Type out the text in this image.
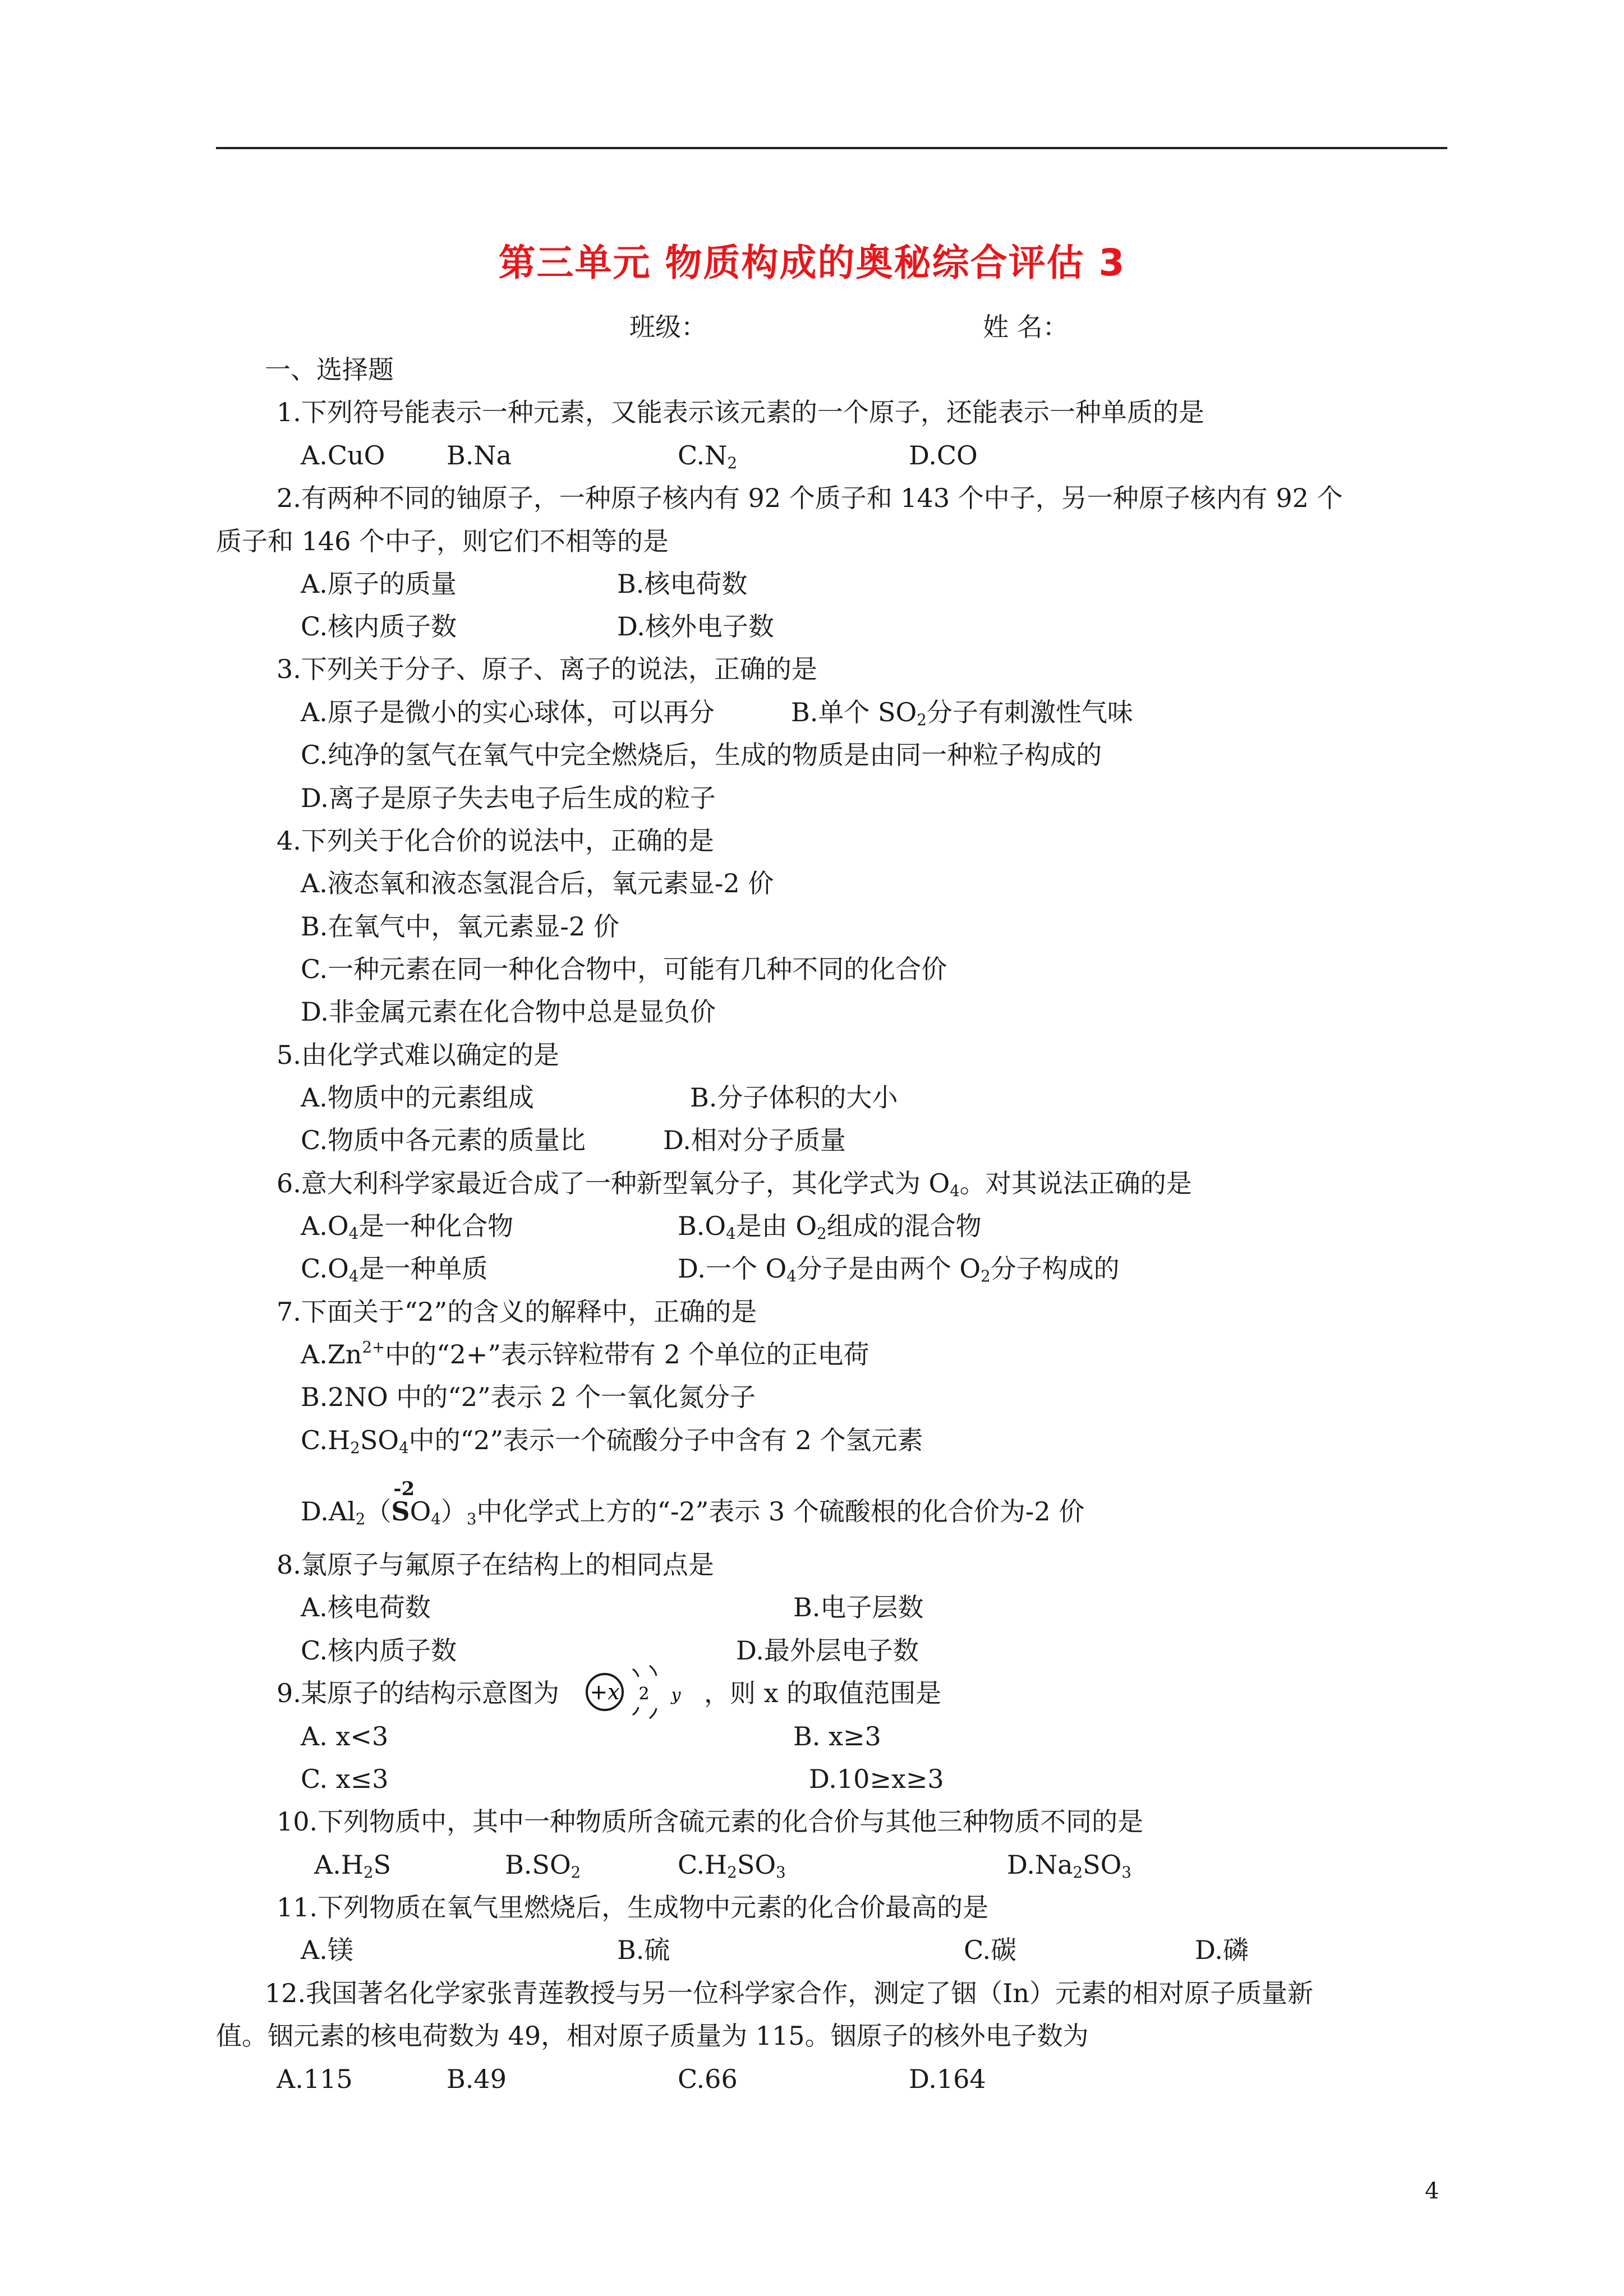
第三单元 物质构成的奥秘综合评估 3
班级：	姓 名：
一、选择题
1.下列符号能表示一种元素，又能表示该元素的一个原子，还能表示一种单质的是
A.CuO B.Na	$C.N_2$	D.CO
2.有两种不同的铀原子，一种原子核内有 92 个质子和 143 个中子，另一种原子核内有 92 个
质子和 146 个中子，则它们不相等的是
A.原子的质量	B.核电荷数
C.核内质子数	D.核外电子数
3.下列关于分子、原子、离子的说法，正确的是
A.原子是微小的实心球体，可以再分	B.单个 $SO_2$分子有刺激性气味
C.纯净的氢气在氧气中完全燃烧后，生成的物质是由同一种粒子构成的
D.离子是原子失去电子后生成的粒子
4.下列关于化合价的说法中，正确的是
A.液态氧和液态氢混合后，氧元素显-2 价
B.在氧气中，氧元素显-2 价
C.一种元素在同一种化合物中，可能有几种不同的化合价
D.非金属元素在化合物中总是显负价
5.由化学式难以确定的是
A.物质中的元素组成	B.分子体积的大小
C.物质中各元素的质量比	D.相对分子质量
6.意大利科学家最近合成了一种新型氧分子，其化学式为 $O_4$。对其说法正确的是
$A.O_4$是一种化合物	$B.O_4$是由 $O_2$组成的混合物
$C.O_4$是一种单质	D.一个 $O_4$分子是由两个 $O_2$分子构成的
7.下面关于“2”的含义的解释中，正确的是
$A.Zn^{2+}$中的“2+”表示锌粒带有 2 个单位的正电荷
B.2NO 中的“2”表示 2 个一氧化氮分子
$C.H_2SO_4$中的“2”表示一个硫酸分子中含有 2 个氢元素
$D.Al_2$（
-2
$SO_4)_3$中化学式上方的“-2”表示 3 个硫酸根的化合价为-2 价
8.氯原子与氟原子在结构上的相同点是
A.核电荷数	B.电子层数
C.核内质子数	D.最外层电子数
9.某原子的结构示意图为 +x 2 y ，则 x 的取值范围是
A. x<3	B. x≥3
C. x≤3	D.10≥x≥3
10.下列物质中，其中一种物质所含硫元素的化合价与其他三种物质不同的是
$A.H_2S$	$B.SO_2$	$C.H_2SO_3$	$D.Na_2SO_3$
11.下列物质在氧气里燃烧后，生成物中元素的化合价最高的是
A.镁	B.硫	C.碳	D.磷
12.我国著名化学家张青莲教授与另一位科学家合作，测定了铟（In）元素的相对原子质量新
值。铟元素的核电荷数为 49，相对原子质量为 115。铟原子的核外电子数为
A.115	B.49	C.66	D.164
4
